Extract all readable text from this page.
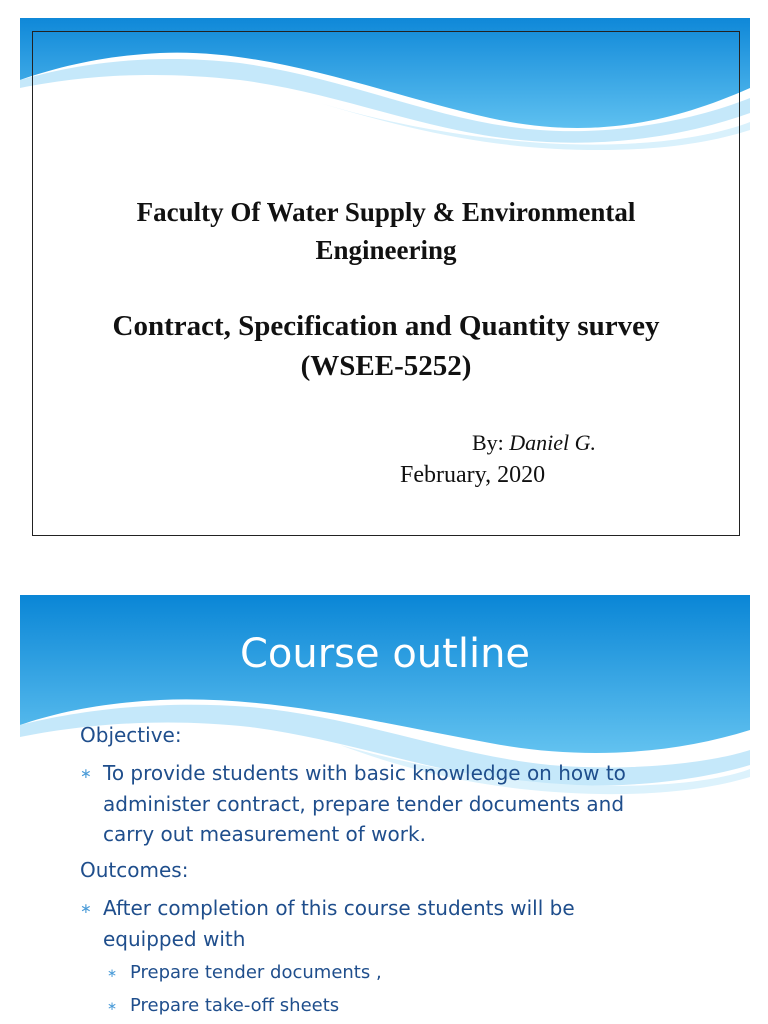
Faculty Of Water Supply & Environmental
Engineering
Contract, Specification and Quantity survey
(WSEE-5252)
By: Daniel G.
February, 2020
Course outline
Objective:
∗ To provide students with basic knowledge on how to
administer contract, prepare tender documents and
carry out measurement of work.
Outcomes:
∗ After completion of this course students will be
equipped with
∗ Prepare tender documents ,
∗ Prepare take-off sheets
